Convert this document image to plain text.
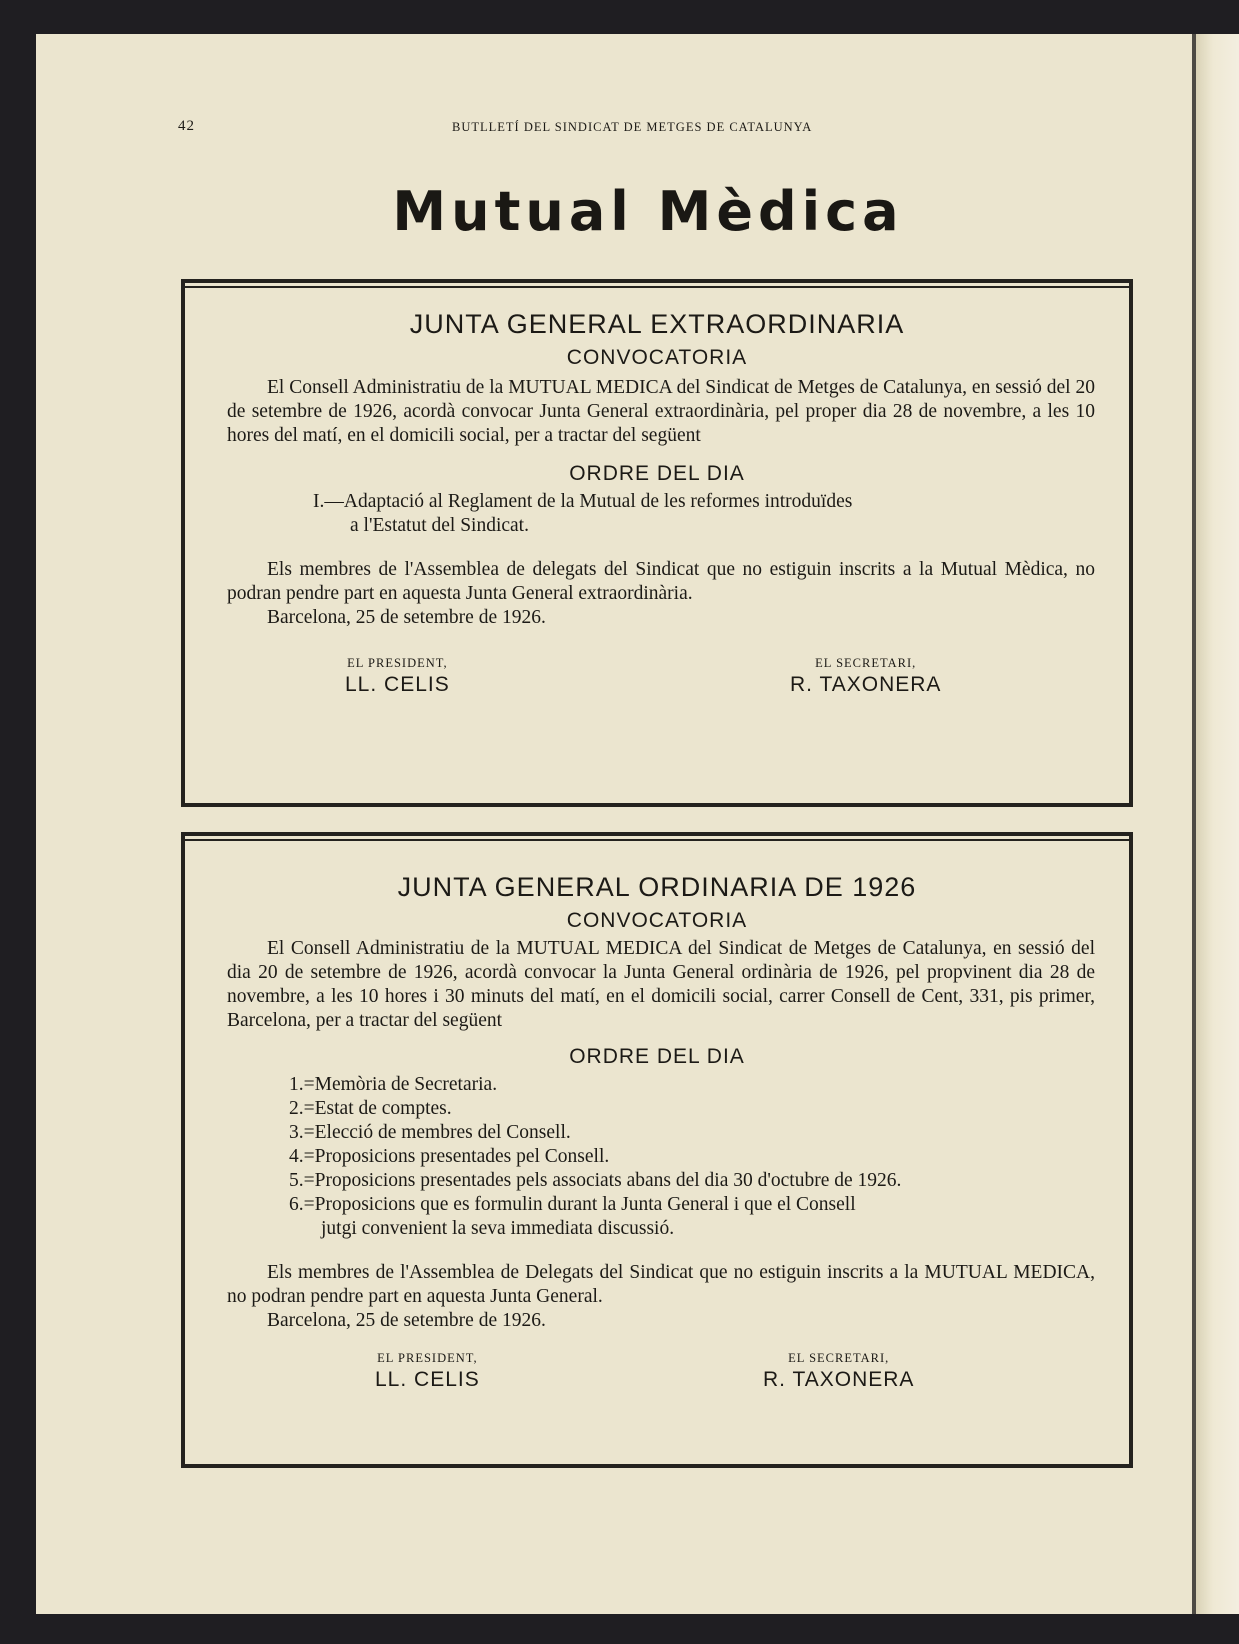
42	BUTLLETÍ DEL SINDICAT DE METGES DE CATALUNYA
Mutual Mèdica
JUNTA GENERAL EXTRAORDINARIA
CONVOCATORIA
El Consell Administratiu de la MUTUAL MEDICA del Sindicat de Metges de Catalunya, en sessió del 20 de setembre de 1926, acordà convocar Junta General extraordinària, pel proper dia 28 de novembre, a les 10 hores del matí, en el domicili social, per a tractar del següent
ORDRE DEL DIA
I.—Adaptació al Reglament de la Mutual de les reformes introduïdes
a l'Estatut del Sindicat.
Els membres de l'Assemblea de delegats del Sindicat que no estiguin inscrits a la Mutual Mèdica, no podran pendre part en aquesta Junta General extraordinària.
Barcelona, 25 de setembre de 1926.
EL PRESIDENT,
LL. CELIS
EL SECRETARI,
R. TAXONERA
JUNTA GENERAL ORDINARIA DE 1926
CONVOCATORIA
El Consell Administratiu de la MUTUAL MEDICA del Sindicat de Metges de Catalunya, en sessió del dia 20 de setembre de 1926, acordà convocar la Junta General ordinària de 1926, pel propvinent dia 28 de novembre, a les 10 hores i 30 minuts del matí, en el domicili social, carrer Consell de Cent, 331, pis primer, Barcelona, per a tractar del següent
ORDRE DEL DIA
1.=Memòria de Secretaria.
2.=Estat de comptes.
3.=Elecció de membres del Consell.
4.=Proposicions presentades pel Consell.
5.=Proposicions presentades pels associats abans del dia 30 d'octubre de 1926.
6.=Proposicions que es formulin durant la Junta General i que el Consell
jutgi convenient la seva immediata discussió.
Els membres de l'Assemblea de Delegats del Sindicat que no estiguin inscrits a la MUTUAL MEDICA, no podran pendre part en aquesta Junta General.
Barcelona, 25 de setembre de 1926.
EL PRESIDENT,
LL. CELIS
EL SECRETARI,
R. TAXONERA
